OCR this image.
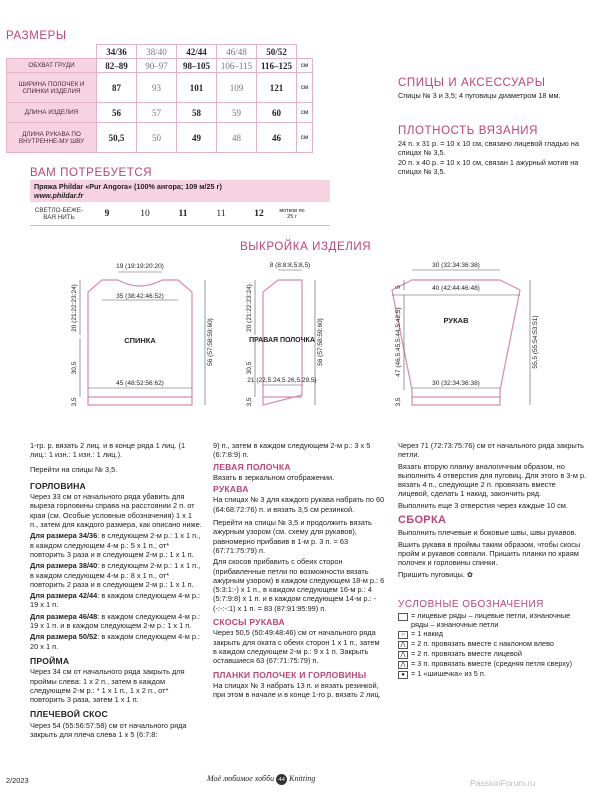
РАЗМЕРЫ
	34/36	38/40	42/44	46/48	50/52	
ОБХВАТ ГРУДИ	82–89	90–97	98–105	106–115	116–125	см
ШИРИНА ПОЛОЧЕК И СПИНКИ ИЗДЕЛИЯ	87	93	101	109	121	см
ДЛИНА ИЗДЕЛИЯ	56	57	58	59	60	см
ДЛИНА РУКАВА ПО ВНУТРЕННЕ-МУ ШВУ	50,5	50	49	48	46	см
СПИЦЫ И АКСЕССУАРЫ
Спицы № 3 и 3,5; 4 пуговицы диаметром 18 мм.
ПЛОТНОСТЬ ВЯЗАНИЯ
24 п. х 31 р. = 10 х 10 см, связано лицевой гладью на спицах № 3,5.
20 п. х 40 р. = 10 х 10 см, связан 1 ажурный мотив на спицах № 3,5.
ВАМ ПОТРЕБУЕТСЯ
Пряжа Phildar «Pur Angora» (100% ангора; 109 м/25 г)
www.phildar.fr
СВЕТЛО-БЕЖЕ-ВАЯ НИТЬ	9	10	11	11	12	мотков по 25 г
ВЫКРОЙКА ИЗДЕЛИЯ
19 (19:19:20:20)
35 (38:42:46:52)
СПИНКА
45 (48:52:56:62)
20 (21:22:23:24)
30,5
3,5
56 (57:58:59:60)
8 (8:8:8,5:8,5)
ПРАВАЯ ПОЛОЧКА
21 (22,5:24,5 26,5:29,5)
20 (21:22:23:24)
30,5
3,5
56 (57:58:59:60)
30 (32:34:36:38)
40 (42:44:46:48)
РУКАВ
30 (32:34:36:38)
5
47 (46,5:45,5:44,5:42,5)
3,5
55,5 (55:54:53:51)

1-гр. р. вязать 2 лиц. и в конце ряда 1 лиц. (1 лиц.: 1 изн.: 1 изн.: 1 лиц.).

Перейти на спицы № 3,5.

ГОРЛОВИНА

Через 33 см от начального ряда убавить для выреза горловины справа на расстоянии 2 п. от края (см. Особые условные обозначения) 1 х 1 п., затем для каждого размера, как описано ниже.

Для размера 34/36: в следующем 2-м р.: 1 х 1 п., в каждом следующем 4-м р.: 5 х 1 п., от* повторить 3 раза и в следующем 2-м р.: 1 х 1 п.

Для размера 38/40: в следующем 2-м р.: 1 х 1 п., в каждом следующем 4-м р.: 8 х 1 п., от* повторить 2 раза и в следующем 2-м р.: 1 х 1 п.

Для размера 42/44: в каждом следующем 4-м р.: 19 х 1 п.

Для размера 46/48: в каждом следующем 4-м р.: 19 х 1 п. и в каждом следующем 2-м р.: 1 х 1 п.

Для размера 50/52: в каждом следующем 4-м р.: 20 х 1 п.

ПРОЙМА

Через 34 см от начального ряда закрыть для проймы слева: 1 х 2 п., затем в каждом следующем 2-м р.: * 1 х 1 п., 1 х 2 п., от* повторить 3 раза, затем 1 х 1 п.

ПЛЕЧЕВОЙ СКОС

Через 54 (55:56:57:58) см от начального ряда закрыть для плеча слева 1 х 5 (6:7:8:

9) п., затем в каждом следующем 2-м р.: 3 х 5 (6:7:8:9) п.

ЛЕВАЯ ПОЛОЧКА

Вязать в зеркальном отображении.

РУКАВА

На спицах № 3 для каждого рукава набрать по 60 (64:68:72:76) п. и вязать 3,5 см резинкой.

Перейти на спицы № 3,5 и продолжить вязать ажурным узором (см. схему для рукавов), равномерно прибавив в 1-м р. 3 п. = 63 (67:71:75:79) п.

Для скосов прибавить с обеих сторон (прибавленные петли по возможности вязать ажурным узором) в каждом следующем 18-м р.: 6 (5:3:1:-) х 1 п., в каждом следующем 16-м р.: 4 (5:7:9:8) х 1 п. и в каждом следующем 14-м р.: - (-:-:-:1) х 1 п. = 83 (87:91:95:99) п.

СКОСЫ РУКАВА

Через 50,5 (50:49:48:46) см от начального ряда закрыть для оката с обеих сторон 1 х 1 п., затем в каждом следующем 2-м р.: 9 х 1 п. Закрыть оставшиеся 63 (67:71:75:79) п.

ПЛАНКИ ПОЛОЧЕК И ГОРЛОВИНЫ

На спицах № 3 набрать 13 п. и вязать резинкой, при этом в начале и в конце 1-го р. вязать 2 лиц.

Через 71 (72:73:75:76) см от начального ряда закрыть петли.

Вязать вторую планку аналогичным образом, но выполнить 4 отверстия для пуговиц. Для этого в 3-м р. вязать 4 п., следующие 2 п. провязать вместе лицевой, сделать 1 накид, закончить ряд.

Выполнить еще 3 отверстия через каждые 10 см.

СБОРКА

Выполнить плечевые и боковые швы, швы рукавов.

Вшить рукава в проймы таким образом, чтобы скосы пройм и рукавов совпали. Пришить планки по краям полочек и горловины спинки.

Пришить пуговицы. ✿

УСЛОВНЫЕ ОБОЗНАЧЕНИЯ
= лицевые ряды – лицевые петли, изнаночные ряды – изнаночные петли
○ = 1 накид
⋀ = 2 п. провязать вместе с наклоном влево
⋀ = 2 п. провязать вместе лицевой
⋀ = 3 п. провязать вместе (средняя петля сверху)
● = 1 «шишечка» из 5 п.
2/2023	Моё любимое хобби 44 Knitting	PassionForum.ru
